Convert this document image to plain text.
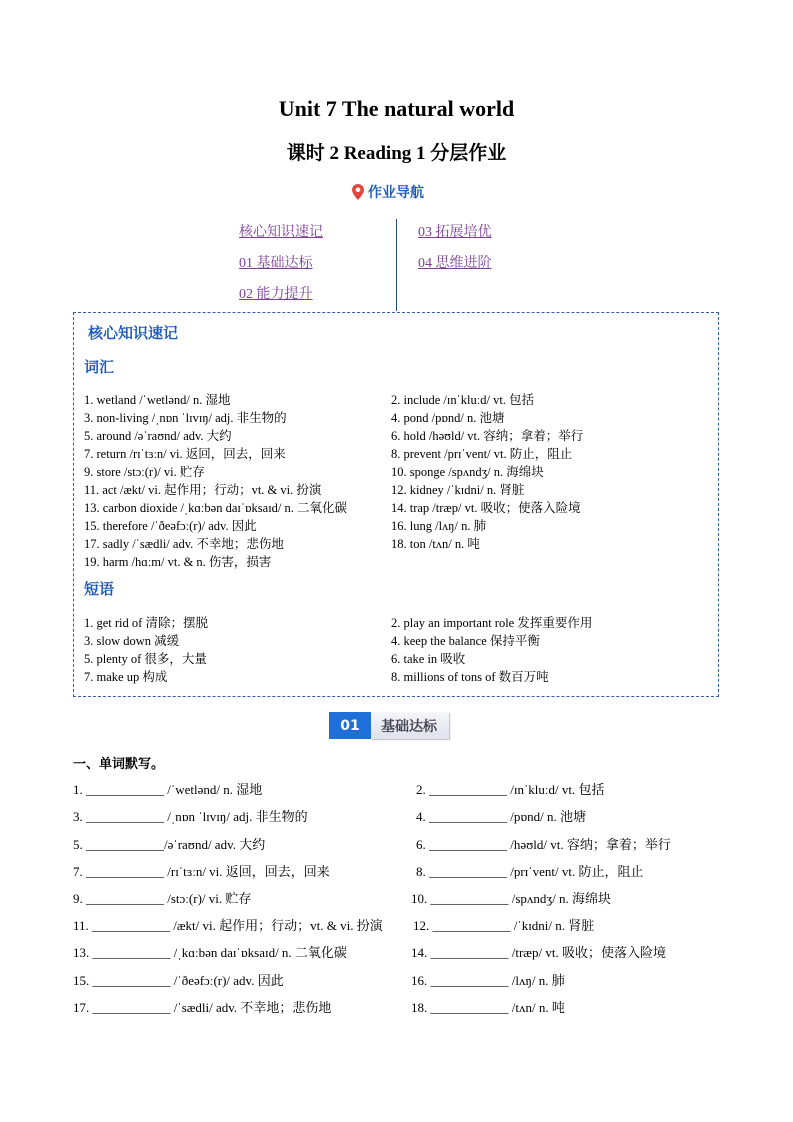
Unit 7 The natural world
课时 2 Reading 1 分层作业
作业导航
核心知识速记
01 基础达标
02 能力提升
03 拓展培优
04 思维进阶
核心知识速记
词汇
1. wetland /ˈwetlənd/ n. 湿地
3. non-living /ˌnɒn ˈlɪvɪŋ/ adj. 非生物的
5. around /əˈraʊnd/ adv. 大约
7. return /rɪˈtɜːn/ vi. 返回，回去，回来
9. store /stɔː(r)/ vi. 贮存
11. act /ækt/ vi. 起作用；行动；vt. & vi. 扮演
13. carbon dioxide /ˌkɑːbən daɪˈɒksaɪd/ n. 二氧化碳
15. therefore /ˈðeəfɔː(r)/ adv. 因此
17. sadly /ˈsædli/ adv. 不幸地；悲伤地
19. harm /hɑːm/ vt. & n. 伤害，损害
2. include /ɪnˈkluːd/ vt. 包括
4. pond /pɒnd/ n. 池塘
6. hold /həʊld/ vt. 容纳；拿着；举行
8. prevent /prɪˈvent/ vt. 防止，阻止
10. sponge /spʌndʒ/ n. 海绵块
12. kidney /ˈkɪdni/ n. 肾脏
14. trap /træp/ vt. 吸收；使落入险境
16. lung /lʌŋ/ n. 肺
18. ton /tʌn/ n. 吨
短语
1. get rid of 清除；摆脱
3. slow down 减缓
5. plenty of 很多，大量
7. make up 构成
2. play an important role 发挥重要作用
4. keep the balance 保持平衡
6. take in 吸收
8. millions of tons of 数百万吨
01	基础达标
一、单词默写。
1. ____________ /ˈwetlənd/ n. 湿地
3. ____________ /ˌnɒn ˈlɪvɪŋ/ adj. 非生物的
5. ____________/əˈraʊnd/ adv. 大约
7. ____________ /rɪˈtɜːn/ vi. 返回，回去，回来
9. ____________ /stɔː(r)/ vi. 贮存
11. ____________ /ækt/ vi. 起作用；行动；vt. & vi. 扮演
13. ____________ /ˌkɑːbən daɪˈɒksaɪd/ n. 二氧化碳
15. ____________ /ˈðeəfɔː(r)/ adv. 因此
17. ____________ /ˈsædli/ adv. 不幸地；悲伤地
2. ____________ /ɪnˈkluːd/ vt. 包括
4. ____________ /pɒnd/ n. 池塘
6. ____________ /həʊld/ vt. 容纳；拿着；举行
8. ____________ /prɪˈvent/ vt. 防止，阻止
10. ____________ /spʌndʒ/ n. 海绵块
12. ____________ /ˈkɪdni/ n. 肾脏
14. ____________ /træp/ vt. 吸收；使落入险境
16. ____________ /lʌŋ/ n. 肺
18. ____________ /tʌn/ n. 吨
